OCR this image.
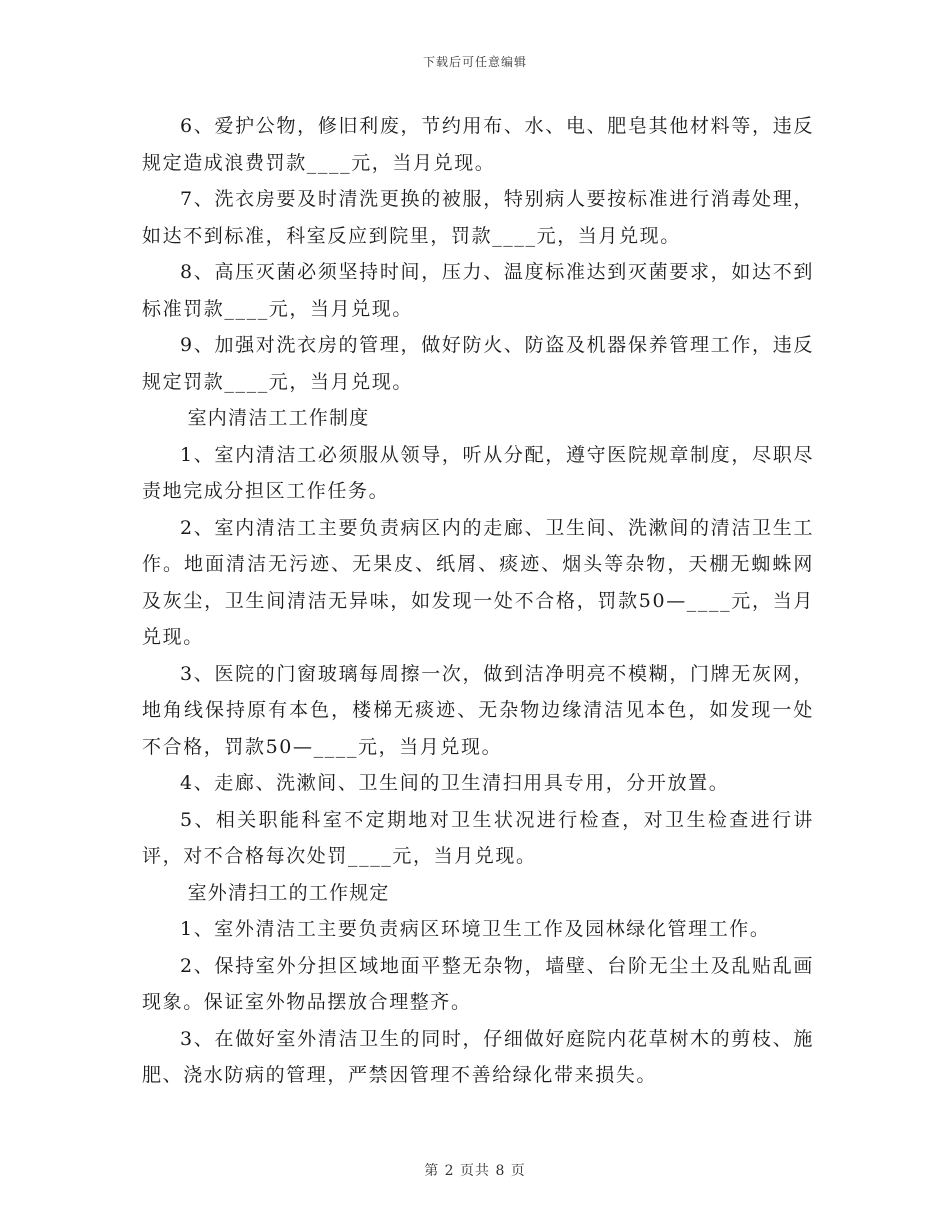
下载后可任意编辑

6、爱护公物，修旧利废，节约用布、水、电、肥皂其他材料等，违反规定造成浪费罚款____元，当月兑现。

7、洗衣房要及时清洗更换的被服，特别病人要按标准进行消毒处理，如达不到标准，科室反应到院里，罚款____元，当月兑现。

8、高压灭菌必须坚持时间，压力、温度标准达到灭菌要求，如达不到标准罚款____元，当月兑现。

9、加强对洗衣房的管理，做好防火、防盗及机器保养管理工作，违反规定罚款____元，当月兑现。

室内清洁工工作制度

1、室内清洁工必须服从领导，听从分配，遵守医院规章制度，尽职尽责地完成分担区工作任务。

2、室内清洁工主要负责病区内的走廊、卫生间、洗漱间的清洁卫生工作。地面清洁无污迹、无果皮、纸屑、痰迹、烟头等杂物，天棚无蜘蛛网及灰尘，卫生间清洁无异味，如发现一处不合格，罚款50—____元，当月兑现。

3、医院的门窗玻璃每周擦一次，做到洁净明亮不模糊，门牌无灰网，地角线保持原有本色，楼梯无痰迹、无杂物边缘清洁见本色，如发现一处不合格，罚款50—____元，当月兑现。

4、走廊、洗漱间、卫生间的卫生清扫用具专用，分开放置。

5、相关职能科室不定期地对卫生状况进行检查，对卫生检查进行讲评，对不合格每次处罚____元，当月兑现。

室外清扫工的工作规定

1、室外清洁工主要负责病区环境卫生工作及园林绿化管理工作。

2、保持室外分担区域地面平整无杂物，墙壁、台阶无尘土及乱贴乱画现象。保证室外物品摆放合理整齐。

3、在做好室外清洁卫生的同时，仔细做好庭院内花草树木的剪枝、施肥、浇水防病的管理，严禁因管理不善给绿化带来损失。

第 2 页共 8 页
